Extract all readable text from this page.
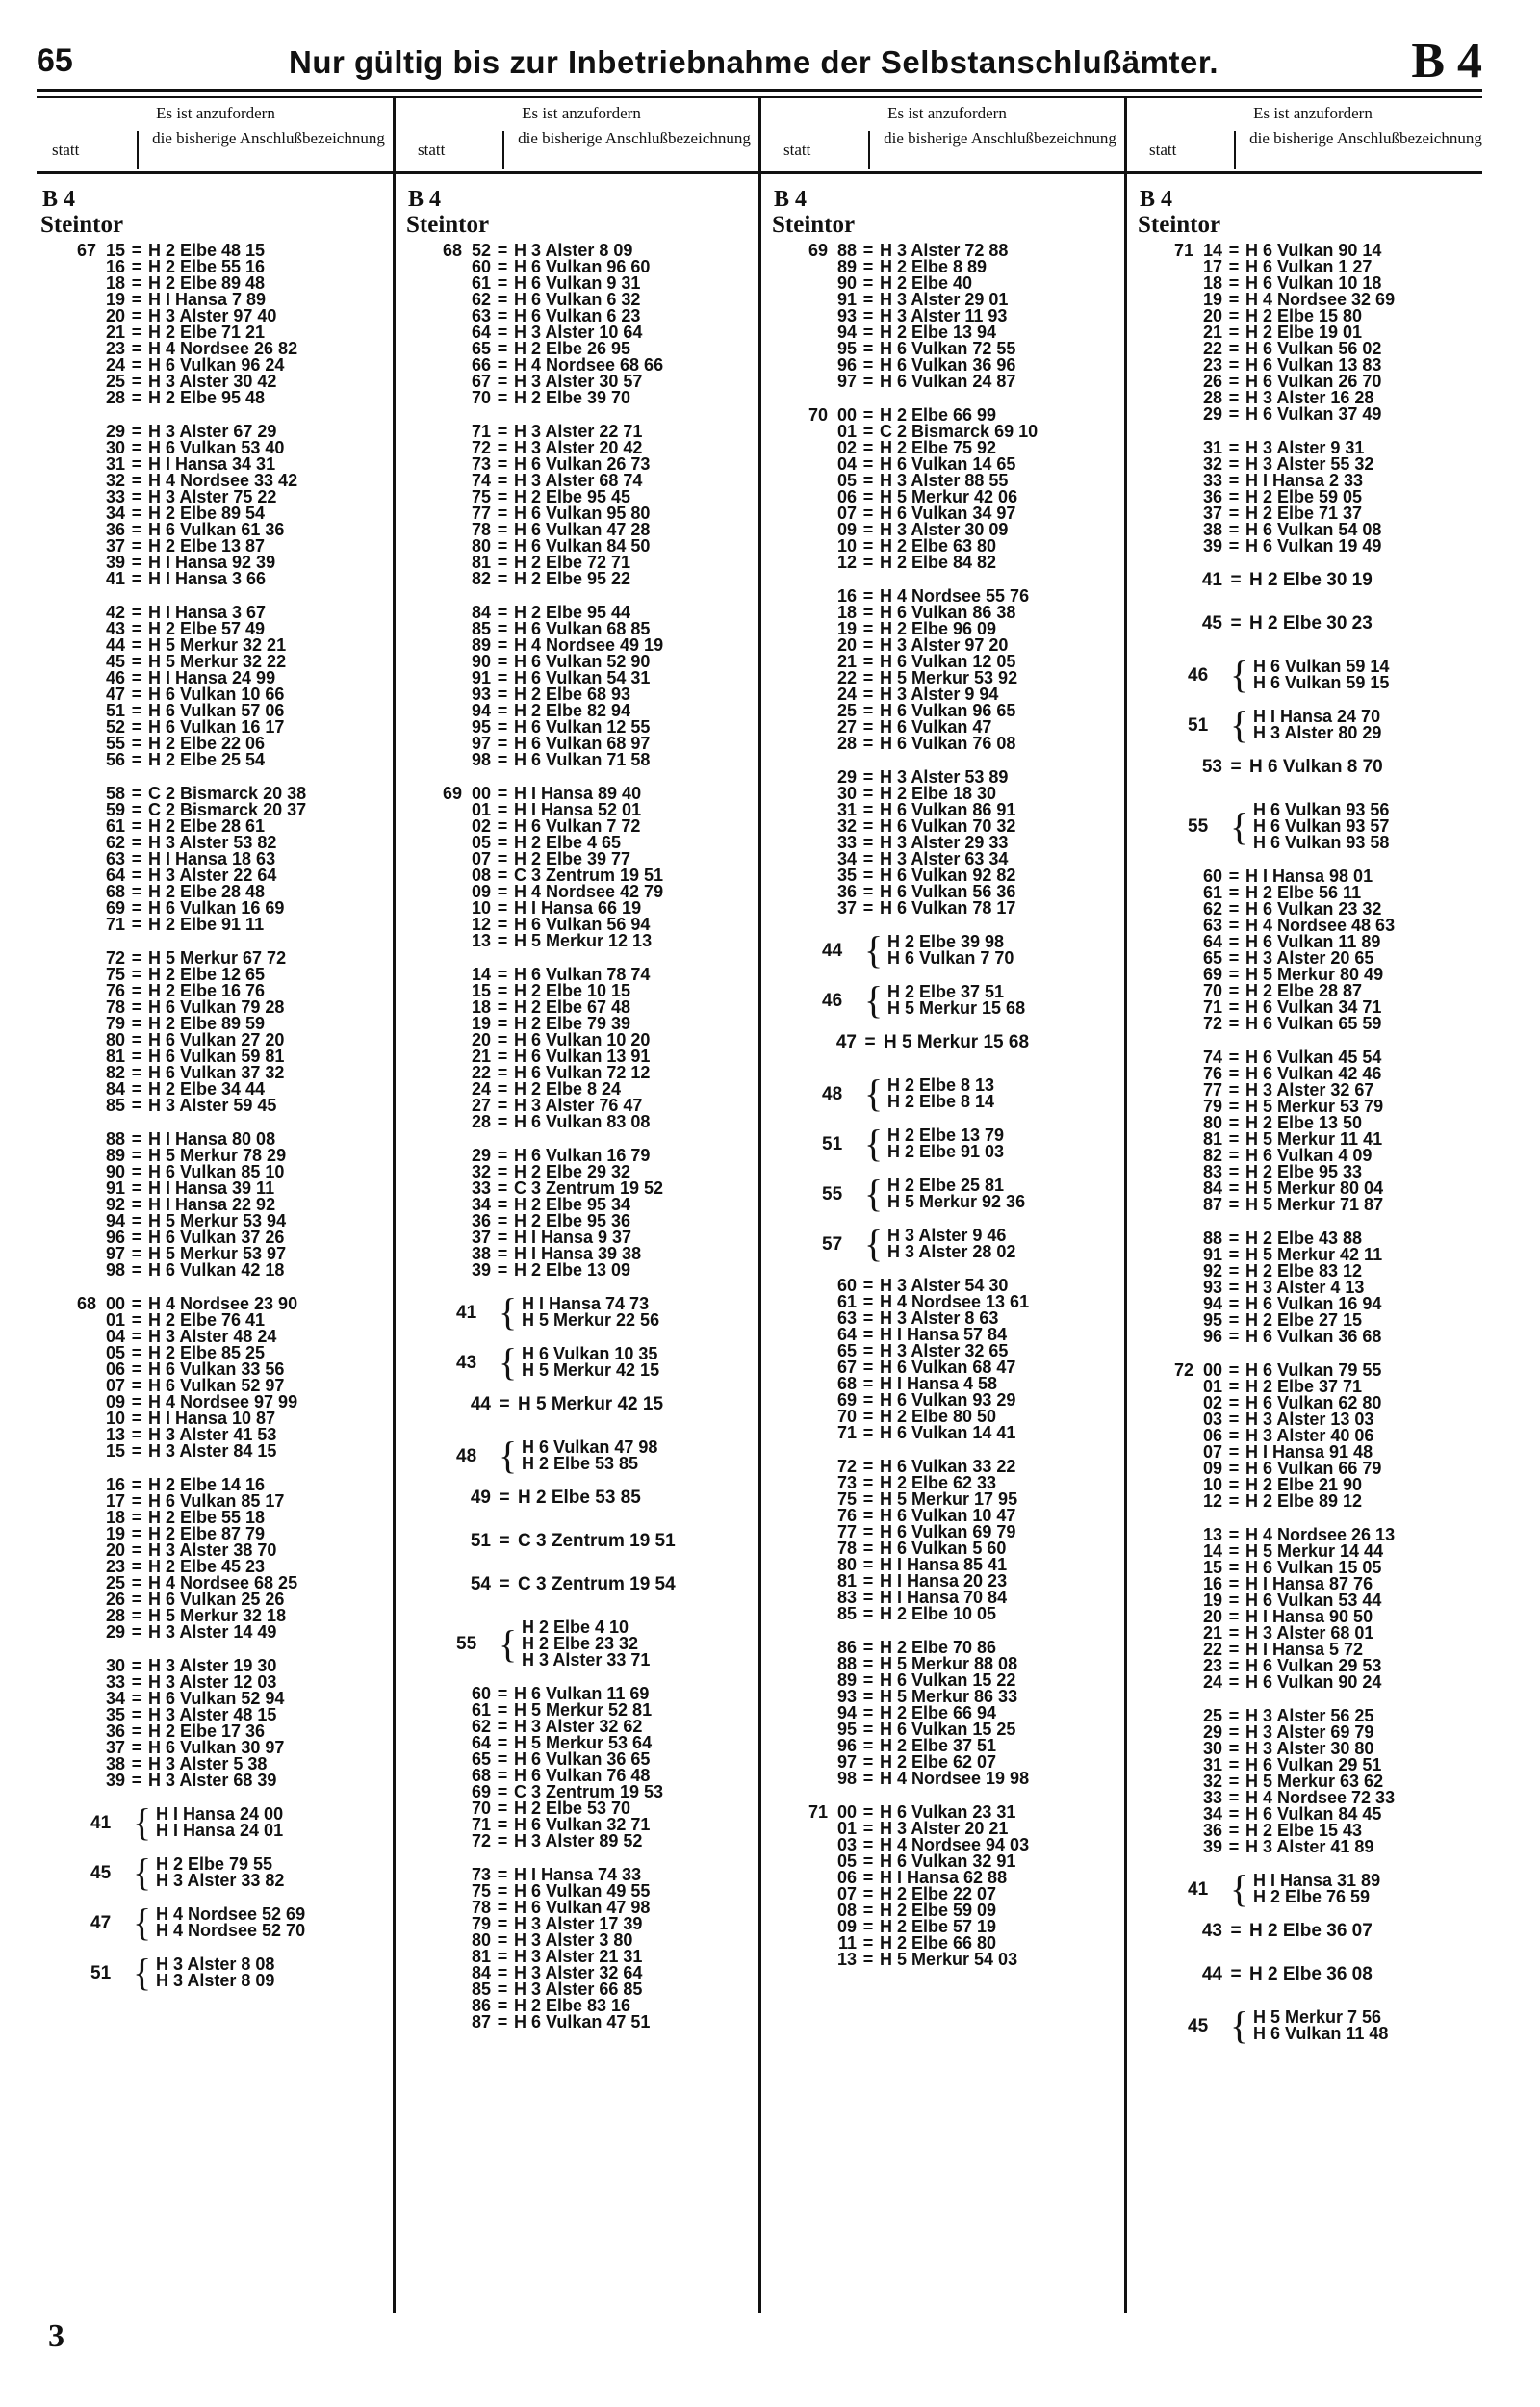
65	Nur gültig bis zur Inbetriebnahme der Selbstanschlußämter.	B 4
Es ist anzufordern
statt
die bisherige Anschlußbezeichnung
B 4
Steintor
67 15 = H 2 Elbe 48 15
16 = H 2 Elbe 55 16
18 = H 2 Elbe 89 48
19 = H I Hansa 7 89
20 = H 3 Alster 97 40
21 = H 2 Elbe 71 21
23 = H 4 Nordsee 26 82
24 = H 6 Vulkan 96 24
25 = H 3 Alster 30 42
28 = H 2 Elbe 95 48
29 = H 3 Alster 67 29
30 = H 6 Vulkan 53 40
31 = H I Hansa 34 31
32 = H 4 Nordsee 33 42
33 = H 3 Alster 75 22
34 = H 2 Elbe 89 54
36 = H 6 Vulkan 61 36
37 = H 2 Elbe 13 87
39 = H I Hansa 92 39
41 = H I Hansa 3 66
42 = H I Hansa 3 67
43 = H 2 Elbe 57 49
44 = H 5 Merkur 32 21
45 = H 5 Merkur 32 22
46 = H I Hansa 24 99
47 = H 6 Vulkan 10 66
51 = H 6 Vulkan 57 06
52 = H 6 Vulkan 16 17
55 = H 2 Elbe 22 06
56 = H 2 Elbe 25 54
58 = C 2 Bismarck 20 38
59 = C 2 Bismarck 20 37
61 = H 2 Elbe 28 61
62 = H 3 Alster 53 82
63 = H I Hansa 18 63
64 = H 3 Alster 22 64
68 = H 2 Elbe 28 48
69 = H 6 Vulkan 16 69
71 = H 2 Elbe 91 11
72 = H 5 Merkur 67 72
75 = H 2 Elbe 12 65
76 = H 2 Elbe 16 76
78 = H 6 Vulkan 79 28
79 = H 2 Elbe 89 59
80 = H 6 Vulkan 27 20
81 = H 6 Vulkan 59 81
82 = H 6 Vulkan 37 32
84 = H 2 Elbe 34 44
85 = H 3 Alster 59 45
88 = H I Hansa 80 08
89 = H 5 Merkur 78 29
90 = H 6 Vulkan 85 10
91 = H I Hansa 39 11
92 = H I Hansa 22 92
94 = H 5 Merkur 53 94
96 = H 6 Vulkan 37 26
97 = H 5 Merkur 53 97
98 = H 6 Vulkan 42 18
68 00 = H 4 Nordsee 23 90
01 = H 2 Elbe 76 41
04 = H 3 Alster 48 24
05 = H 2 Elbe 85 25
06 = H 6 Vulkan 33 56
07 = H 6 Vulkan 52 97
09 = H 4 Nordsee 97 99
10 = H I Hansa 10 87
13 = H 3 Alster 41 53
15 = H 3 Alster 84 15
16 = H 2 Elbe 14 16
17 = H 6 Vulkan 85 17
18 = H 2 Elbe 55 18
19 = H 2 Elbe 87 79
20 = H 3 Alster 38 70
23 = H 2 Elbe 45 23
25 = H 4 Nordsee 68 25
26 = H 6 Vulkan 25 26
28 = H 5 Merkur 32 18
29 = H 3 Alster 14 49
30 = H 3 Alster 19 30
33 = H 3 Alster 12 03
34 = H 6 Vulkan 52 94
35 = H 3 Alster 48 15
36 = H 2 Elbe 17 36
37 = H 6 Vulkan 30 97
38 = H 3 Alster 5 38
39 = H 3 Alster 68 39
41 { H I Hansa 24 00
H I Hansa 24 01
45 { H 2 Elbe 79 55
H 3 Alster 33 82
47 { H 4 Nordsee 52 69
H 4 Nordsee 52 70
51 { H 3 Alster 8 08
H 3 Alster 8 09
Es ist anzufordern
statt
die bisherige Anschlußbezeichnung
B 4
Steintor
68 52 = H 3 Alster 8 09
60 = H 6 Vulkan 96 60
61 = H 6 Vulkan 9 31
62 = H 6 Vulkan 6 32
63 = H 6 Vulkan 6 23
64 = H 3 Alster 10 64
65 = H 2 Elbe 26 95
66 = H 4 Nordsee 68 66
67 = H 3 Alster 30 57
70 = H 2 Elbe 39 70
71 = H 3 Alster 22 71
72 = H 3 Alster 20 42
73 = H 6 Vulkan 26 73
74 = H 3 Alster 68 74
75 = H 2 Elbe 95 45
77 = H 6 Vulkan 95 80
78 = H 6 Vulkan 47 28
80 = H 6 Vulkan 84 50
81 = H 2 Elbe 72 71
82 = H 2 Elbe 95 22
84 = H 2 Elbe 95 44
85 = H 6 Vulkan 68 85
89 = H 4 Nordsee 49 19
90 = H 6 Vulkan 52 90
91 = H 6 Vulkan 54 31
93 = H 2 Elbe 68 93
94 = H 2 Elbe 82 94
95 = H 6 Vulkan 12 55
97 = H 6 Vulkan 68 97
98 = H 6 Vulkan 71 58
69 00 = H I Hansa 89 40
01 = H I Hansa 52 01
02 = H 6 Vulkan 7 72
05 = H 2 Elbe 4 65
07 = H 2 Elbe 39 77
08 = C 3 Zentrum 19 51
09 = H 4 Nordsee 42 79
10 = H I Hansa 66 19
12 = H 6 Vulkan 56 94
13 = H 5 Merkur 12 13
14 = H 6 Vulkan 78 74
15 = H 2 Elbe 10 15
18 = H 2 Elbe 67 48
19 = H 2 Elbe 79 39
20 = H 6 Vulkan 10 20
21 = H 6 Vulkan 13 91
22 = H 6 Vulkan 72 12
24 = H 2 Elbe 8 24
27 = H 3 Alster 76 47
28 = H 6 Vulkan 83 08
29 = H 6 Vulkan 16 79
32 = H 2 Elbe 29 32
33 = C 3 Zentrum 19 52
34 = H 2 Elbe 95 34
36 = H 2 Elbe 95 36
37 = H I Hansa 9 37
38 = H I Hansa 39 38
39 = H 2 Elbe 13 09
41 { H I Hansa 74 73
H 5 Merkur 22 56
43 { H 6 Vulkan 10 35
H 5 Merkur 42 15
44 = H 5 Merkur 42 15
48 { H 6 Vulkan 47 98
H 2 Elbe 53 85
49 = H 2 Elbe 53 85
51 = C 3 Zentrum 19 51
54 = C 3 Zentrum 19 54
55 { H 2 Elbe 4 10
H 2 Elbe 23 32
H 3 Alster 33 71
60 = H 6 Vulkan 11 69
61 = H 5 Merkur 52 81
62 = H 3 Alster 32 62
64 = H 5 Merkur 53 64
65 = H 6 Vulkan 36 65
68 = H 6 Vulkan 76 48
69 = C 3 Zentrum 19 53
70 = H 2 Elbe 53 70
71 = H 6 Vulkan 32 71
72 = H 3 Alster 89 52
73 = H I Hansa 74 33
75 = H 6 Vulkan 49 55
78 = H 6 Vulkan 47 98
79 = H 3 Alster 17 39
80 = H 3 Alster 3 80
81 = H 3 Alster 21 31
84 = H 3 Alster 32 64
85 = H 3 Alster 66 85
86 = H 2 Elbe 83 16
87 = H 6 Vulkan 47 51
Es ist anzufordern
statt
die bisherige Anschlußbezeichnung
B 4
Steintor
69 88 = H 3 Alster 72 88
89 = H 2 Elbe 8 89
90 = H 2 Elbe 40
91 = H 3 Alster 29 01
93 = H 3 Alster 11 93
94 = H 2 Elbe 13 94
95 = H 6 Vulkan 72 55
96 = H 6 Vulkan 36 96
97 = H 6 Vulkan 24 87
70 00 = H 2 Elbe 66 99
01 = C 2 Bismarck 69 10
02 = H 2 Elbe 75 92
04 = H 6 Vulkan 14 65
05 = H 3 Alster 88 55
06 = H 5 Merkur 42 06
07 = H 6 Vulkan 34 97
09 = H 3 Alster 30 09
10 = H 2 Elbe 63 80
12 = H 2 Elbe 84 82
16 = H 4 Nordsee 55 76
18 = H 6 Vulkan 86 38
19 = H 2 Elbe 96 09
20 = H 3 Alster 97 20
21 = H 6 Vulkan 12 05
22 = H 5 Merkur 53 92
24 = H 3 Alster 9 94
25 = H 6 Vulkan 96 65
27 = H 6 Vulkan 47
28 = H 6 Vulkan 76 08
29 = H 3 Alster 53 89
30 = H 2 Elbe 18 30
31 = H 6 Vulkan 86 91
32 = H 6 Vulkan 70 32
33 = H 3 Alster 29 33
34 = H 3 Alster 63 34
35 = H 6 Vulkan 92 82
36 = H 6 Vulkan 56 36
37 = H 6 Vulkan 78 17
44 { H 2 Elbe 39 98
H 6 Vulkan 7 70
46 { H 2 Elbe 37 51
H 5 Merkur 15 68
47 = H 5 Merkur 15 68
48 { H 2 Elbe 8 13
H 2 Elbe 8 14
51 { H 2 Elbe 13 79
H 2 Elbe 91 03
55 { H 2 Elbe 25 81
H 5 Merkur 92 36
57 { H 3 Alster 9 46
H 3 Alster 28 02
60 = H 3 Alster 54 30
61 = H 4 Nordsee 13 61
63 = H 3 Alster 8 63
64 = H I Hansa 57 84
65 = H 3 Alster 32 65
67 = H 6 Vulkan 68 47
68 = H I Hansa 4 58
69 = H 6 Vulkan 93 29
70 = H 2 Elbe 80 50
71 = H 6 Vulkan 14 41
72 = H 6 Vulkan 33 22
73 = H 2 Elbe 62 33
75 = H 5 Merkur 17 95
76 = H 6 Vulkan 10 47
77 = H 6 Vulkan 69 79
78 = H 6 Vulkan 5 60
80 = H I Hansa 85 41
81 = H I Hansa 20 23
83 = H I Hansa 70 84
85 = H 2 Elbe 10 05
86 = H 2 Elbe 70 86
88 = H 5 Merkur 88 08
89 = H 6 Vulkan 15 22
93 = H 5 Merkur 86 33
94 = H 2 Elbe 66 94
95 = H 6 Vulkan 15 25
96 = H 2 Elbe 37 51
97 = H 2 Elbe 62 07
98 = H 4 Nordsee 19 98
71 00 = H 6 Vulkan 23 31
01 = H 3 Alster 20 21
03 = H 4 Nordsee 94 03
05 = H 6 Vulkan 32 91
06 = H I Hansa 62 88
07 = H 2 Elbe 22 07
08 = H 2 Elbe 59 09
09 = H 2 Elbe 57 19
11 = H 2 Elbe 66 80
13 = H 5 Merkur 54 03
Es ist anzufordern
statt
die bisherige Anschlußbezeichnung
B 4
Steintor
71 14 = H 6 Vulkan 90 14
17 = H 6 Vulkan 1 27
18 = H 6 Vulkan 10 18
19 = H 4 Nordsee 32 69
20 = H 2 Elbe 15 80
21 = H 2 Elbe 19 01
22 = H 6 Vulkan 56 02
23 = H 6 Vulkan 13 83
26 = H 6 Vulkan 26 70
28 = H 3 Alster 16 28
29 = H 6 Vulkan 37 49
31 = H 3 Alster 9 31
32 = H 3 Alster 55 32
33 = H I Hansa 2 33
36 = H 2 Elbe 59 05
37 = H 2 Elbe 71 37
38 = H 6 Vulkan 54 08
39 = H 6 Vulkan 19 49
41 = H 2 Elbe 30 19
45 = H 2 Elbe 30 23
46 { H 6 Vulkan 59 14
H 6 Vulkan 59 15
51 { H I Hansa 24 70
H 3 Alster 80 29
53 = H 6 Vulkan 8 70
55 { H 6 Vulkan 93 56
H 6 Vulkan 93 57
H 6 Vulkan 93 58
60 = H I Hansa 98 01
61 = H 2 Elbe 56 11
62 = H 6 Vulkan 23 32
63 = H 4 Nordsee 48 63
64 = H 6 Vulkan 11 89
65 = H 3 Alster 20 65
69 = H 5 Merkur 80 49
70 = H 2 Elbe 28 87
71 = H 6 Vulkan 34 71
72 = H 6 Vulkan 65 59
74 = H 6 Vulkan 45 54
76 = H 6 Vulkan 42 46
77 = H 3 Alster 32 67
79 = H 5 Merkur 53 79
80 = H 2 Elbe 13 50
81 = H 5 Merkur 11 41
82 = H 6 Vulkan 4 09
83 = H 2 Elbe 95 33
84 = H 5 Merkur 80 04
87 = H 5 Merkur 71 87
88 = H 2 Elbe 43 88
91 = H 5 Merkur 42 11
92 = H 2 Elbe 83 12
93 = H 3 Alster 4 13
94 = H 6 Vulkan 16 94
95 = H 2 Elbe 27 15
96 = H 6 Vulkan 36 68
72 00 = H 6 Vulkan 79 55
01 = H 2 Elbe 37 71
02 = H 6 Vulkan 62 80
03 = H 3 Alster 13 03
06 = H 3 Alster 40 06
07 = H I Hansa 91 48
09 = H 6 Vulkan 66 79
10 = H 2 Elbe 21 90
12 = H 2 Elbe 89 12
13 = H 4 Nordsee 26 13
14 = H 5 Merkur 14 44
15 = H 6 Vulkan 15 05
16 = H I Hansa 87 76
19 = H 6 Vulkan 53 44
20 = H I Hansa 90 50
21 = H 3 Alster 68 01
22 = H I Hansa 5 72
23 = H 6 Vulkan 29 53
24 = H 6 Vulkan 90 24
25 = H 3 Alster 56 25
29 = H 3 Alster 69 79
30 = H 3 Alster 30 80
31 = H 6 Vulkan 29 51
32 = H 5 Merkur 63 62
33 = H 4 Nordsee 72 33
34 = H 6 Vulkan 84 45
36 = H 2 Elbe 15 43
39 = H 3 Alster 41 89
41 { H I Hansa 31 89
H 2 Elbe 76 59
43 = H 2 Elbe 36 07
44 = H 2 Elbe 36 08
45 { H 5 Merkur 7 56
H 6 Vulkan 11 48
3
